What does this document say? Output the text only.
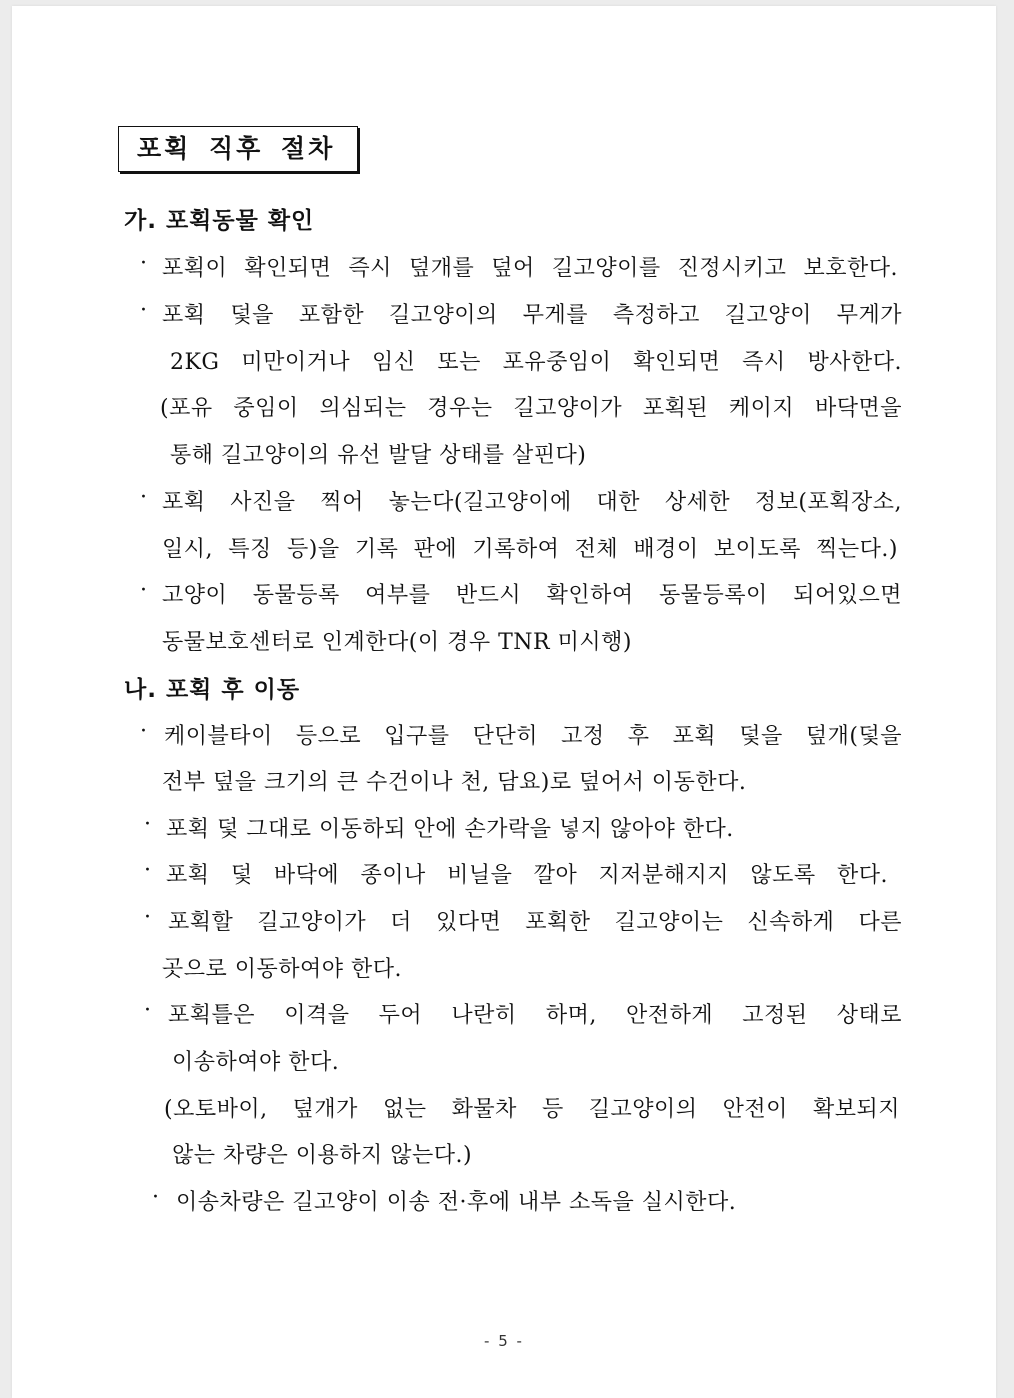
포획 직후 절차
가. 포획동물 확인
· 포획이 확인되면 즉시 덮개를 덮어 길고양이를 진정시키고 보호한다.
· 포획 덫을 포함한 길고양이의 무게를 측정하고 길고양이 무게가
2KG 미만이거나 임신 또는 포유중임이 확인되면 즉시 방사한다.
(포유 중임이 의심되는 경우는 길고양이가 포획된 케이지 바닥면을
통해 길고양이의 유선 발달 상태를 살핀다)
· 포획 사진을 찍어 놓는다(길고양이에 대한 상세한 정보(포획장소,
일시, 특징 등)을 기록 판에 기록하여 전체 배경이 보이도록 찍는다.)
· 고양이 동물등록 여부를 반드시 확인하여 동물등록이 되어있으면
동물보호센터로 인계한다(이 경우 TNR 미시행)
나. 포획 후 이동
· 케이블타이 등으로 입구를 단단히 고정 후 포획 덫을 덮개(덫을
전부 덮을 크기의 큰 수건이나 천, 담요)로 덮어서 이동한다.
· 포획 덫 그대로 이동하되 안에 손가락을 넣지 않아야 한다.
· 포획 덫 바닥에 종이나 비닐을 깔아 지저분해지지 않도록 한다.
· 포획할 길고양이가 더 있다면 포획한 길고양이는 신속하게 다른
곳으로 이동하여야 한다.
· 포획틀은 이격을 두어 나란히 하며, 안전하게 고정된 상태로
이송하여야 한다.
(오토바이, 덮개가 없는 화물차 등 길고양이의 안전이 확보되지
않는 차량은 이용하지 않는다.)
· 이송차량은 길고양이 이송 전·후에 내부 소독을 실시한다.
- 5 -
